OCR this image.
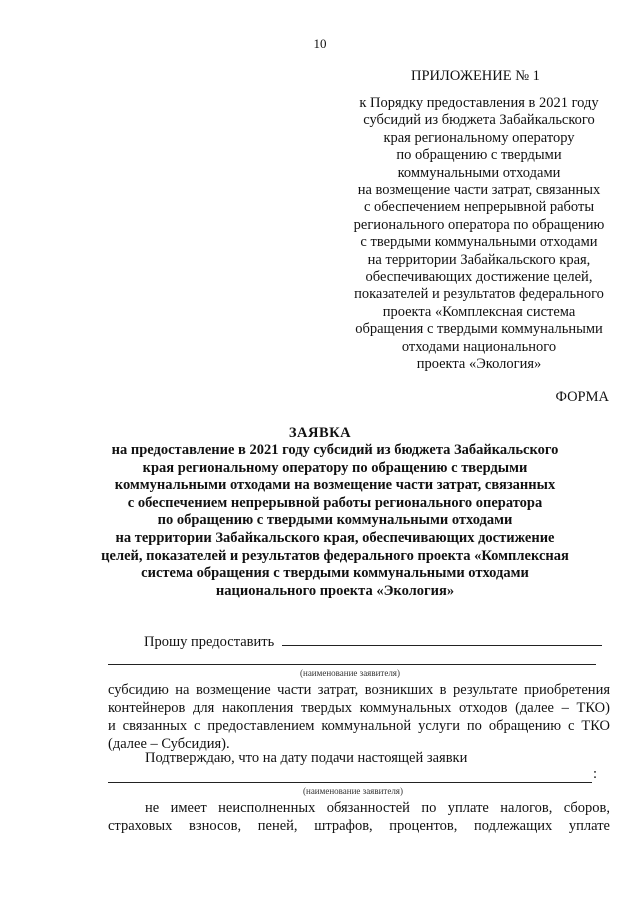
10
ПРИЛОЖЕНИЕ № 1
к Порядку предоставления в 2021 году
субсидий из бюджета Забайкальского
края региональному оператору
по обращению с твердыми
коммунальными отходами
на возмещение части затрат, связанных
с обеспечением непрерывной работы
регионального оператора по обращению
с твердыми коммунальными отходами
на территории Забайкальского края,
обеспечивающих достижение целей,
показателей и результатов федерального
проекта «Комплексная система
обращения с твердыми коммунальными
отходами национального
проекта «Экология»
ФОРМА
ЗАЯВКА
на предоставление в 2021 году субсидий из бюджета Забайкальского
края региональному оператору по обращению с твердыми
коммунальными отходами на возмещение части затрат, связанных
с обеспечением непрерывной работы регионального оператора
по обращению с твердыми коммунальными отходами
на территории Забайкальского края, обеспечивающих достижение
целей, показателей и результатов федерального проекта «Комплексная
система обращения с твердыми коммунальными отходами
национального проекта «Экология»
Прошу предоставить
(наименование заявителя)
субсидию на возмещение части затрат, возникших в результате приобретения
контейнеров для накопления твердых коммунальных отходов (далее – ТКО)
и связанных с предоставлением коммунальной услуги по обращению с ТКО
(далее – Субсидия).
Подтверждаю, что на дату подачи настоящей заявки
:
(наименование заявителя)
не имеет неисполненных обязанностей по уплате налогов, сборов,
страховых взносов, пеней, штрафов, процентов, подлежащих уплате
